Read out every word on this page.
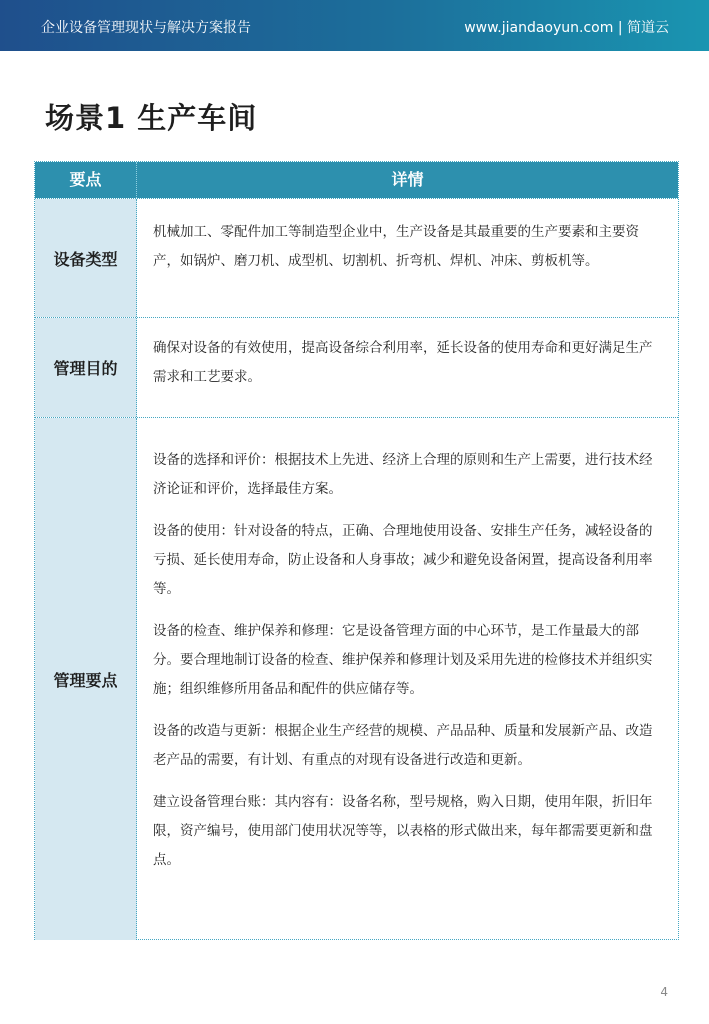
企业设备管理现状与解决方案报告	www.jiandaoyun.com | 简道云
场景1 生产车间
要点	详情
设备类型

机械加工、零配件加工等制造型企业中，生产设备是其最重要的生产要素和主要资产，如锅炉、磨刀机、成型机、切割机、折弯机、焊机、冲床、剪板机等。

管理目的

确保对设备的有效使用，提高设备综合利用率，延长设备的使用寿命和更好满足生产需求和工艺要求。

管理要点

设备的选择和评价：根据技术上先进、经济上合理的原则和生产上需要，进行技术经济论证和评价，选择最佳方案。

设备的使用：针对设备的特点，正确、合理地使用设备、安排生产任务，减轻设备的亏损、延长使用寿命，防止设备和人身事故；减少和避免设备闲置，提高设备利用率等。

设备的检查、维护保养和修理：它是设备管理方面的中心环节，是工作量最大的部分。要合理地制订设备的检查、维护保养和修理计划及采用先进的检修技术并组织实施；组织维修所用备品和配件的供应储存等。

设备的改造与更新：根据企业生产经营的规模、产品品种、质量和发展新产品、改造老产品的需要，有计划、有重点的对现有设备进行改造和更新。

建立设备管理台账：其内容有：设备名称，型号规格，购入日期，使用年限，折旧年限，资产编号，使用部门使用状况等等，以表格的形式做出来，每年都需要更新和盘点。

4
